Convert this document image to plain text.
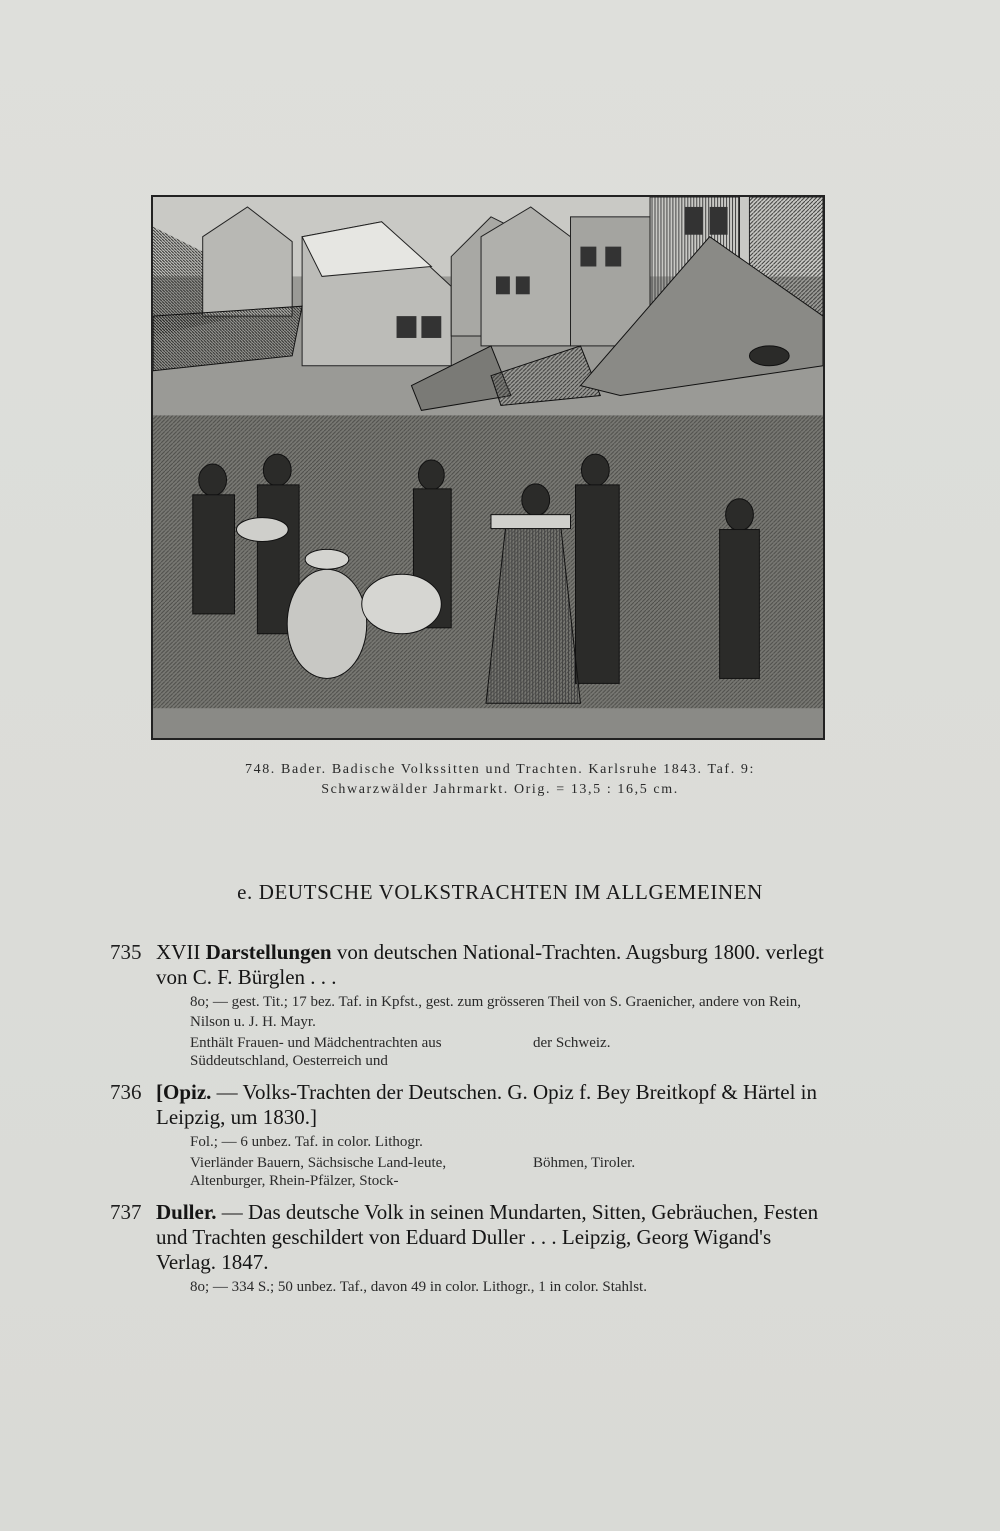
748. Bader. Badische Volkssitten und Trachten. Karlsruhe 1843. Taf. 9:
Schwarzwälder Jahrmarkt. Orig. = 13,5 : 16,5 cm.
e. DEUTSCHE VOLKSTRACHTEN IM ALLGEMEINEN
735 XVII Darstellungen von deutschen National-Trachten. Augsburg 1800. verlegt von C. F. Bürglen . . .
8o; — gest. Tit.; 17 bez. Taf. in Kpfst., gest. zum grösseren Theil von S. Graenicher, andere von Rein, Nilson u. J. H. Mayr.
Enthält Frauen- und Mädchentrachten aus Süddeutschland, Oesterreich und
der Schweiz.
736 [Opiz. — Volks-Trachten der Deutschen. G. Opiz f. Bey Breitkopf & Härtel in Leipzig, um 1830.]
Fol.; — 6 unbez. Taf. in color. Lithogr.
Vierländer Bauern, Sächsische Land-leute, Altenburger, Rhein-Pfälzer, Stock-
Böhmen, Tiroler.
737 Duller. — Das deutsche Volk in seinen Mundarten, Sitten, Gebräuchen, Festen und Trachten geschildert von Eduard Duller . . . Leipzig, Georg Wigand's Verlag. 1847.
8o; — 334 S.; 50 unbez. Taf., davon 49 in color. Lithogr., 1 in color. Stahlst.
